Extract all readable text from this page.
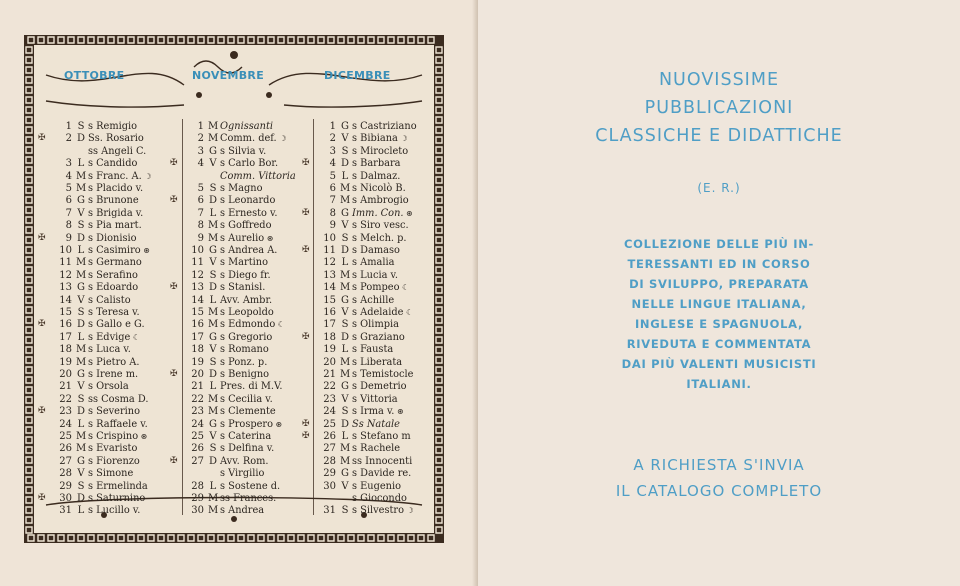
OTTOBRE	NOVEMBRE	DICEMBRE
1 S s Remigio
✠	2 D Ss. Rosario
ss Angeli C.
3 L s Candido
4 M s Franc. A. ☽
5 M s Placido v.
6 G s Brunone
7 V s Brigida v.
8 S s Pia mart.
✠	9 D s Dionisio
10 L s Casimiro ⊛
11 M s Germano
12 M s Serafino
13 G s Edoardo
14 V s Calisto
15 S s Teresa v.
✠	16 D s Gallo e G.
17 L s Edvige ☾
18 M s Luca v.
19 M s Pietro A.
20 G s Irene m.
21 V s Orsola
22 S ss Cosma D.
✠	23 D s Severino
24 L s Raffaele v.
25 M s Crispino ⊛
26 M s Evaristo
27 G s Fiorenzo
28 V s Simone
29 S s Ermelinda
✠	30 D s Saturnino
31 L s Lucillo v.
1 M Ognissanti
2 M Comm. def. ☽
3 G s Silvia v.
✠	4 V s Carlo Bor.
Comm. Vittoria
5 S s Magno
✠	6 D s Leonardo
7 L s Ernesto v.
8 M s Goffredo
9 M s Aurelio ⊛
10 G s Andrea A.
11 V s Martino
12 S s Diego fr.
✠	13 D s Stanisl.
14 L Avv. Ambr.
15 M s Leopoldo
16 M s Edmondo ☾
17 G s Gregorio
18 V s Romano
19 S s Ponz. p.
✠	20 D s Benigno
21 L Pres. di M.V.
22 M s Cecilia v.
23 M s Clemente
24 G s Prospero ⊛
25 V s Caterina
26 S s Delfina v.
✠	27 D Avv. Rom.
s Virgilio
28 L s Sostene d.
29 M ss Frances.
30 M s Andrea
1 G s Castriziano
2 V s Bibiana ☽
3 S s Mirocleto
✠	4 D s Barbara
5 L s Dalmaz.
6 M s Nicolò B.
7 M s Ambrogio
✠	8 G Imm. Con. ⊛
9 V s Siro vesc.
10 S s Melch. p.
✠	11 D s Damaso
12 L s Amalia
13 M s Lucia v.
14 M s Pompeo ☾
15 G s Achille
16 V s Adelaide ☾
17 S s Olimpia
✠	18 D s Graziano
19 L s Fausta
20 M s Liberata
21 M s Temistocle
22 G s Demetrio
23 V s Vittoria
24 S s Irma v. ⊛
✠	25 D Ss Natale
✠	26 L s Stefano m
27 M s Rachele
28 M ss Innocenti
29 G s Davide re.
30 V s Eugenio
s Giocondo
31 S s Silvestro ☽
NUOVISSIME
PUBBLICAZIONI
CLASSICHE E DIDATTICHE
(E. R.)
COLLEZIONE DELLE PIÙ IN-
TERESSANTI ED IN CORSO
DI SVILUPPO, PREPARATA
NELLE LINGUE ITALIANA,
INGLESE E SPAGNUOLA,
RIVEDUTA E COMMENTATA
DAI PIÙ VALENTI MUSICISTI
ITALIANI.
A RICHIESTA S'INVIA
IL CATALOGO COMPLETO
